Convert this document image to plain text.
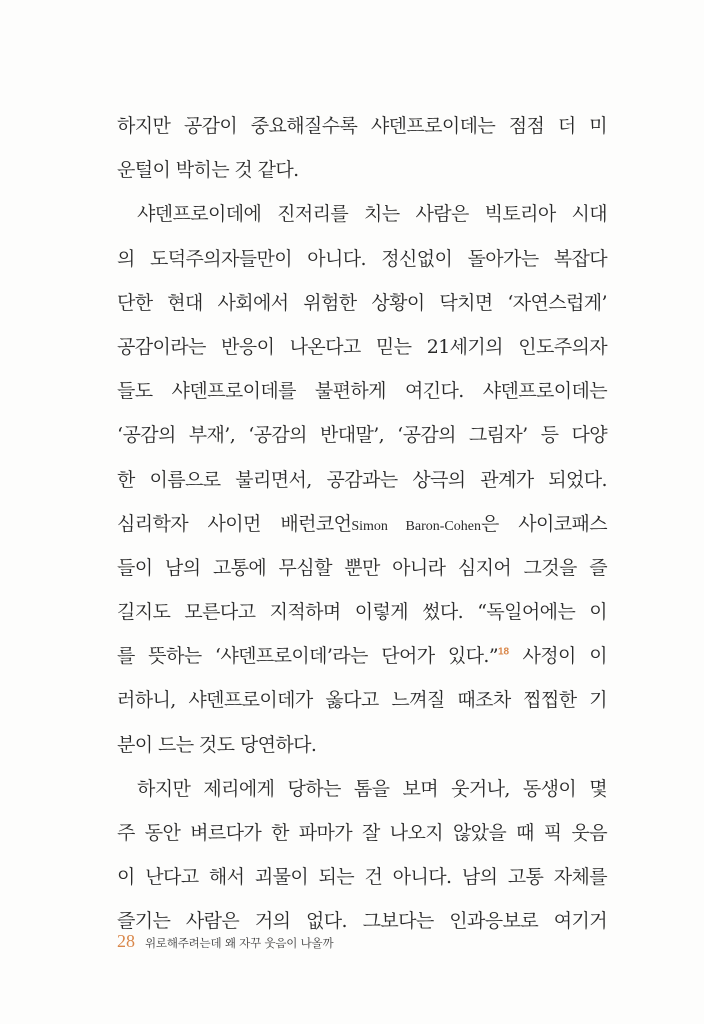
하지만 공감이 중요해질수록 샤덴프로이데는 점점 더 미
운털이 박히는 것 같다.
샤덴프로이데에 진저리를 치는 사람은 빅토리아 시대
의 도덕주의자들만이 아니다. 정신없이 돌아가는 복잡다
단한 현대 사회에서 위험한 상황이 닥치면 ‘자연스럽게’
공감이라는 반응이 나온다고 믿는 21세기의 인도주의자
들도 샤덴프로이데를 불편하게 여긴다. 샤덴프로이데는
‘공감의 부재’, ‘공감의 반대말’, ‘공감의 그림자’ 등 다양
한 이름으로 불리면서, 공감과는 상극의 관계가 되었다.
심리학자 사이먼 배런코언Simon Baron-Cohen은 사이코패스
들이 남의 고통에 무심할 뿐만 아니라 심지어 그것을 즐
길지도 모른다고 지적하며 이렇게 썼다. “독일어에는 이
를 뜻하는 ‘샤덴프로이데’라는 단어가 있다.”$^{18}$ 사정이 이
러하니, 샤덴프로이데가 옳다고 느껴질 때조차 찝찝한 기
분이 드는 것도 당연하다.
하지만 제리에게 당하는 톰을 보며 웃거나, 동생이 몇
주 동안 벼르다가 한 파마가 잘 나오지 않았을 때 픽 웃음
이 난다고 해서 괴물이 되는 건 아니다. 남의 고통 자체를
즐기는 사람은 거의 없다. 그보다는 인과응보로 여기거
28 위로해주려는데 왜 자꾸 웃음이 나올까
